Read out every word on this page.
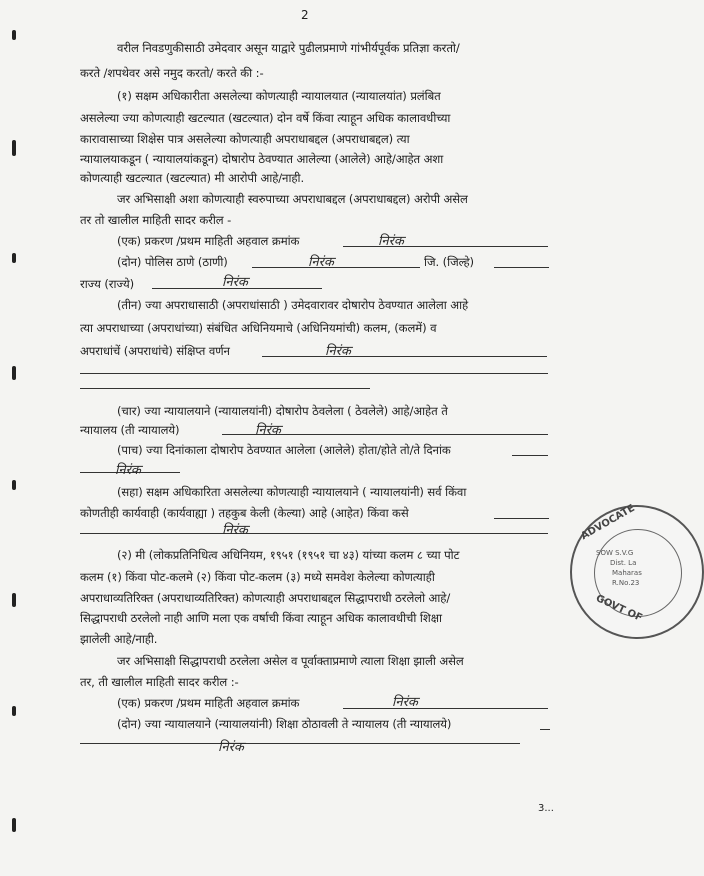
2
वरील निवडणुकीसाठी उमेदवार असून याद्वारे पुढीलप्रमाणे गांभीर्यपूर्वक प्रतिज्ञा करतो/
करते /शपथेवर असे नमुद करतो/ करते की :-
(१) सक्षम अधिकारीता असलेल्या कोणत्याही न्यायालयात (न्यायालयांत) प्रलंबित
असलेल्या ज्या कोणत्याही खटल्यात (खटल्यात) दोन वर्षे किंवा त्याहून अधिक कालावधीच्या
कारावासाच्या शिक्षेस पात्र असलेल्या कोणत्याही अपराधाबद्दल (अपराधाबद्दल) त्या
न्यायालयाकडून ( न्यायालयांकडून) दोषारोप ठेवण्यात आलेल्या (आलेले) आहे/आहेत अशा
कोणत्याही खटल्यात (खटल्यात) मी आरोपी आहे/नाही.
जर अभिसाक्षी अशा कोणत्याही स्वरुपाच्या अपराधाबद्दल (अपराधाबद्दल) अरोपी असेल
तर तो खालील माहिती सादर करील -
(एक) प्रकरण /प्रथम माहिती अहवाल क्रमांक	निरंक
(दोन) पोलिस ठाणे (ठाणी)	निरंक	जि. (जिल्हे)
राज्य (राज्ये)	निरंक
(तीन) ज्या अपराधासाठी (अपराधांसाठी ) उमेदवारावर दोषारोप ठेवण्यात आलेला आहे
त्या अपराधाच्या (अपराधांच्या) संबंधित अधिनियमाचे (अधिनियमांची) कलम, (कलमें) व
अपराधांचें (अपराधांचे) संक्षिप्त वर्णन	निरंक
(चार) ज्या न्यायालयाने (न्यायालयांनी) दोषारोप ठेवलेला ( ठेवलेले) आहे/आहेत ते
न्यायालय (ती न्यायालये)	निरंक
(पाच) ज्या दिनांकाला दोषारोप ठेवण्यात आलेला (आलेले) होता/होते तो/ते दिनांक
निरंक
(सहा) सक्षम अधिकारिता असलेल्या कोणत्याही न्यायालयाने ( न्यायालयांनी) सर्व किंवा
कोणतीही कार्यवाही (कार्यवाह्या ) तहकुब केली (केल्या) आहे (आहेत) किंवा कसे
निरंक
(२) मी (लोकप्रतिनिधित्व अधिनियम, १९५१ (१९५१ चा ४३) यांच्या कलम ८ च्या पोट
कलम (१) किंवा पोट-कलमे (२) किंवा पोट-कलम (३) मध्ये समवेश केलेल्या कोणत्याही
अपराधाव्यतिरिक्त (अपराधाव्यतिरिक्त) कोणत्याही अपराधाबद्दल सिद्धापराधी ठरलेलो आहे/
सिद्धापराधी ठरलेलो नाही आणि मला एक वर्षाची किंवा त्याहून अधिक कालावधीची शिक्षा
झालेली आहे/नाही.
जर अभिसाक्षी सिद्धापराधी ठरलेला असेल व पूर्वाक्ताप्रमाणे त्याला शिक्षा झाली असेल
तर, ती खालील माहिती सादर करील :-
(एक) प्रकरण /प्रथम माहिती अहवाल क्रमांक	निरंक
(दोन) ज्या न्यायालयाने (न्यायालयांनी) शिक्षा ठोठावली ते न्यायालय (ती न्यायालये)
निरंक
ADVOCATE
SOW S.V.G
Dist. La
Maharas
R.No.23
GOVT OF
3...
